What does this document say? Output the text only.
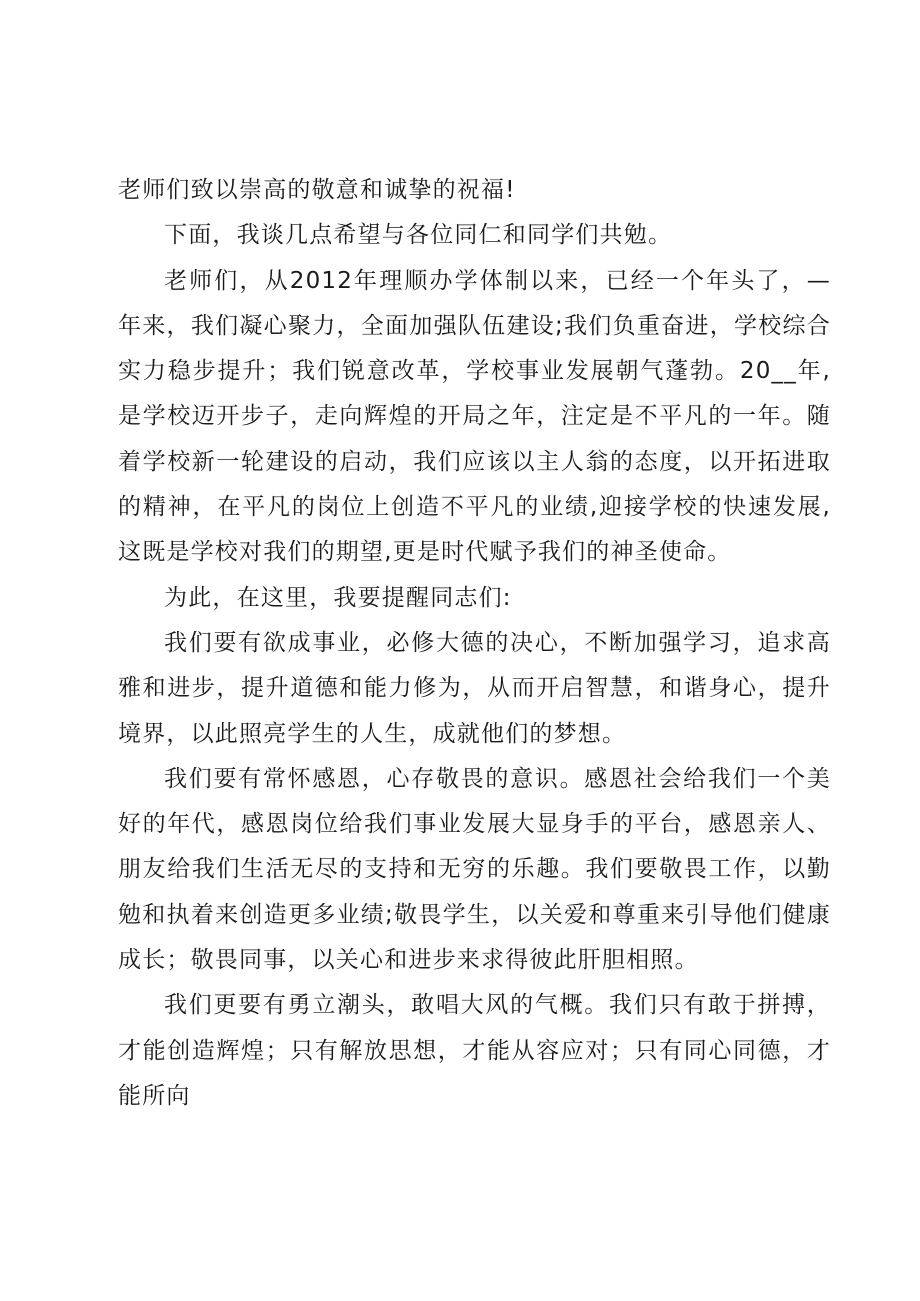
老师们致以崇高的敬意和诚挚的祝福!

下面，我谈几点希望与各位同仁和同学们共勉。

老师们，从2012年理顺办学体制以来，已经一个年头了，—年来，我们凝心聚力，全面加强队伍建设;我们负重奋进，学校综合实力稳步提升；我们锐意改革，学校事业发展朝气蓬勃。20__年,是学校迈开步子，走向辉煌的开局之年，注定是不平凡的一年。随着学校新一轮建设的启动，我们应该以主人翁的态度，以开拓进取的精神，在平凡的岗位上创造不平凡的业绩,迎接学校的快速发展,这既是学校对我们的期望,更是时代赋予我们的神圣使命。

为此，在这里，我要提醒同志们:

我们要有欲成事业，必修大德的决心，不断加强学习，追求高雅和进步，提升道德和能力修为，从而开启智慧，和谐身心，提升境界，以此照亮学生的人生，成就他们的梦想。

我们要有常怀感恩，心存敬畏的意识。感恩社会给我们一个美好的年代，感恩岗位给我们事业发展大显身手的平台，感恩亲人、朋友给我们生活无尽的支持和无穷的乐趣。我们要敬畏工作，以勤勉和执着来创造更多业绩;敬畏学生，以关爱和尊重来引导他们健康成长；敬畏同事，以关心和进步来求得彼此肝胆相照。

我们更要有勇立潮头，敢唱大风的气概。我们只有敢于拼搏，才能创造辉煌；只有解放思想，才能从容应对；只有同心同德，才能所向
